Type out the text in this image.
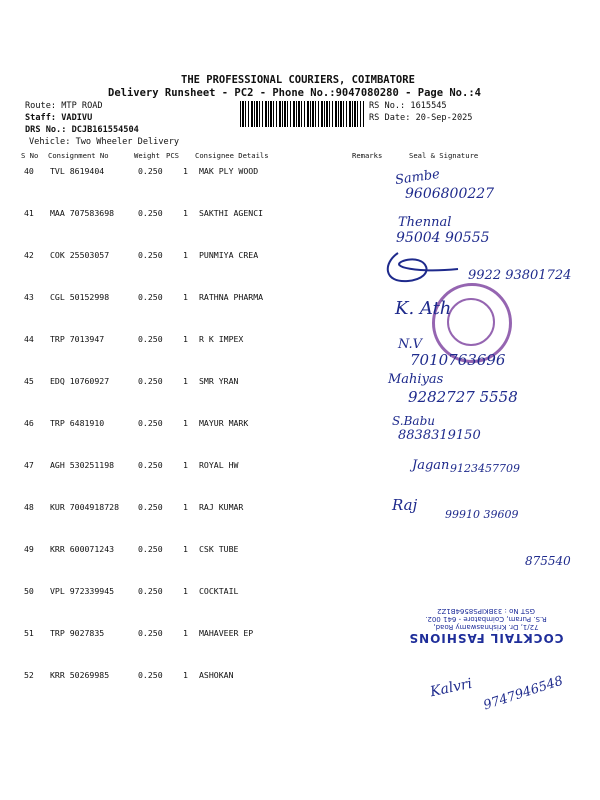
THE PROFESSIONAL COURIERS, COIMBATORE
Delivery Runsheet - PC2 - Phone No.:9047080280 - Page No.:4
Route: MTP ROAD
Staff: VADIVU
DRS No.: DCJB161554504
Vehicle: Two Wheeler Delivery
RS No.: 1615545
RS Date: 20-Sep-2025
S No Consignment No	Weight PCS Consignee Details	Remarks	Seal & Signature
40 TVL 8619404	0.250 1 MAK PLY WOOD
41 MAA 707583698	0.250 1 SAKTHI AGENCI
42 COK 25503057	0.250 1 PUNMIYA CREA
43 CGL 50152998	0.250 1 RATHNA PHARMA
44 TRP 7013947	0.250 1 R K IMPEX
45 EDQ 10760927	0.250 1 SMR YRAN
46 TRP 6481910	0.250 1 MAYUR MARK
47 AGH 530251198	0.250 1 ROYAL HW
48 KUR 7004918728 0.250 1 RAJ KUMAR
49 KRR 600071243	0.250 1 CSK TUBE
50 VPL 972339945	0.250 1 COCKTAIL
51 TRP 9027835	0.250 1 MAHAVEER EP
52 KRR 50269985	0.250 1 ASHOKAN
Sambe
9606800227
Thennal
95004 90555
9922 93801724
K. Ath
N.V
7010763696
Mahiyas
9282727 5558
S.Babu
8838319150
Jagan 9123457709
Raj
99910 39609
875540
COCKTAIL FASHIONS
72/1, Dr. Krishnaswamy Road,
R.S. Puram, Coimbatore - 641 002.
GST No : 33BKIPS8564B1Z2
Kalvri 9747946548
